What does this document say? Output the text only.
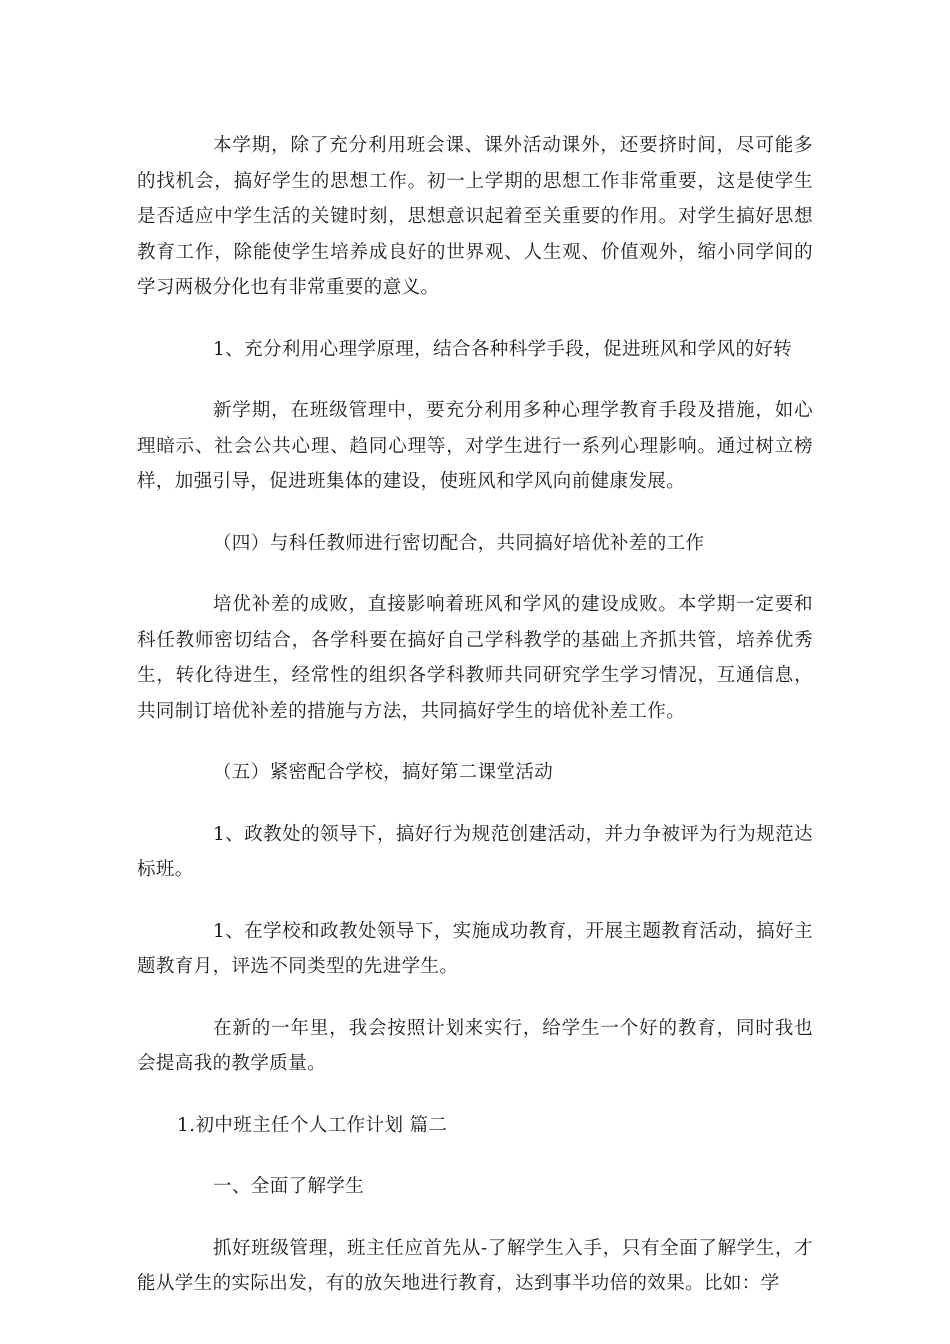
本学期，除了充分利用班会课、课外活动课外，还要挤时间，尽可能多的找机会，搞好学生的思想工作。初一上学期的思想工作非常重要，这是使学生是否适应中学生活的关键时刻，思想意识起着至关重要的作用。对学生搞好思想教育工作，除能使学生培养成良好的世界观、人生观、价值观外，缩小同学间的学习两极分化也有非常重要的意义。

1、充分利用心理学原理，结合各种科学手段，促进班风和学风的好转

新学期，在班级管理中，要充分利用多种心理学教育手段及措施，如心理暗示、社会公共心理、趋同心理等，对学生进行一系列心理影响。通过树立榜样，加强引导，促进班集体的建设，使班风和学风向前健康发展。

（四）与科任教师进行密切配合，共同搞好培优补差的工作

培优补差的成败，直接影响着班风和学风的建设成败。本学期一定要和科任教师密切结合，各学科要在搞好自己学科教学的基础上齐抓共管，培养优秀生，转化待进生，经常性的组织各学科教师共同研究学生学习情况，互通信息，共同制订培优补差的措施与方法，共同搞好学生的培优补差工作。

（五）紧密配合学校，搞好第二课堂活动

1、政教处的领导下，搞好行为规范创建活动，并力争被评为行为规范达标班。

1、在学校和政教处领导下，实施成功教育，开展主题教育活动，搞好主题教育月，评选不同类型的先进学生。

在新的一年里，我会按照计划来实行，给学生一个好的教育，同时我也会提高我的教学质量。

1.初中班主任个人工作计划 篇二

一、全面了解学生

抓好班级管理，班主任应首先从-了解学生入手，只有全面了解学生，才能从学生的实际出发，有的放矢地进行教育，达到事半功倍的效果。比如：学
